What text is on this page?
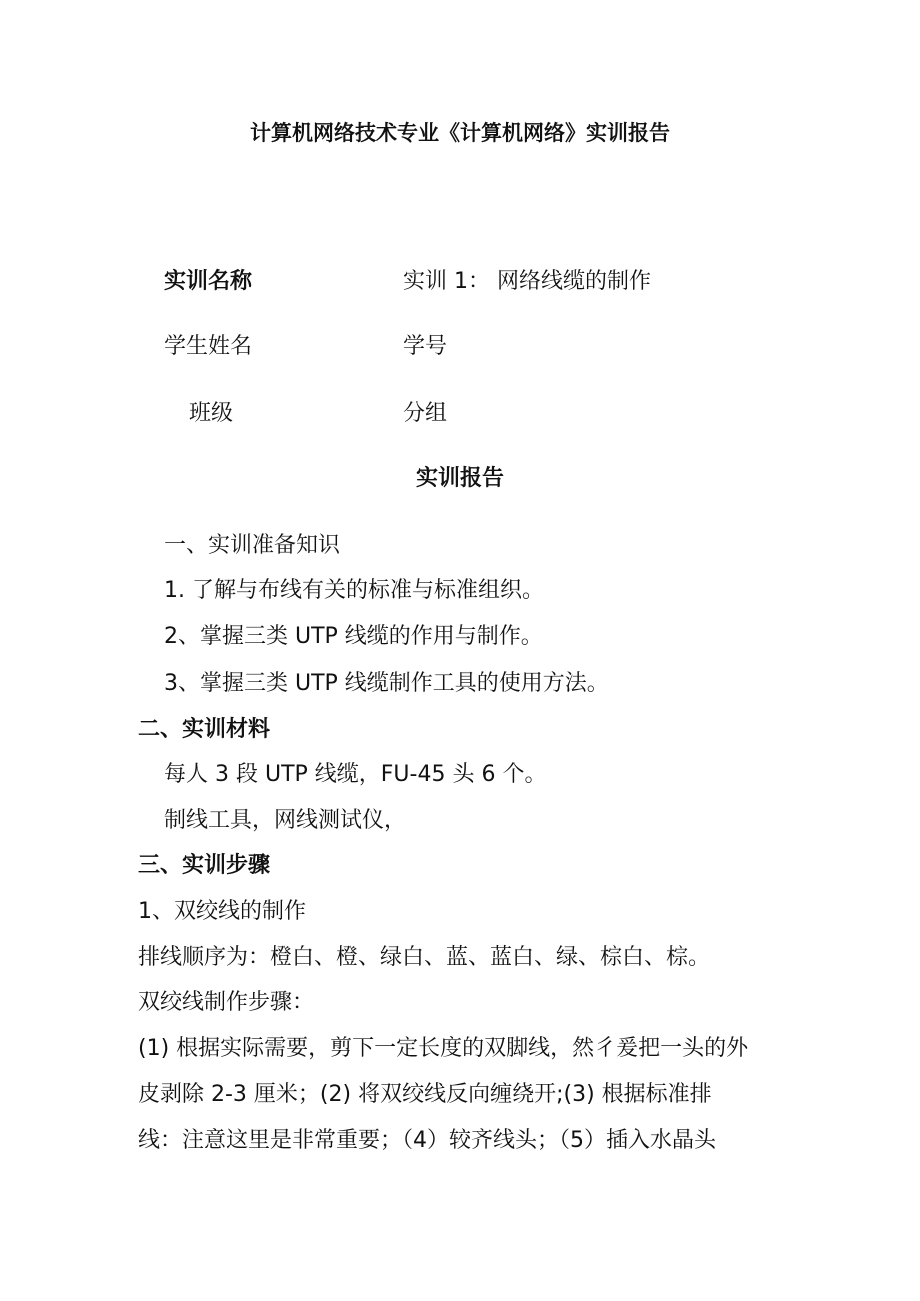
计算机网络技术专业《计算机网络》实训报告
实训名称	实训 1： 网络线缆的制作
学生姓名	学号
班级	分组
实训报告
一、实训准备知识
1. 了解与布线有关的标准与标准组织。
2、掌握三类 UTP 线缆的作用与制作。
3、掌握三类 UTP 线缆制作工具的使用方法。
二、实训材料
每人 3 段 UTP 线缆，FU-45 头 6 个。
制线工具，网线测试仪，
三、实训步骤
1、双绞线的制作
排线顺序为：橙白、橙、绿白、蓝、蓝白、绿、棕白、棕。
双绞线制作步骤：
(1) 根据实际需要，剪下一定长度的双脚线，然彳爰把一头的外
皮剥除 2-3 厘米；(2) 将双绞线反向缠绕开;(3) 根据标准排
线：注意这里是非常重要；（4）较齐线头；（5）插入水晶头
